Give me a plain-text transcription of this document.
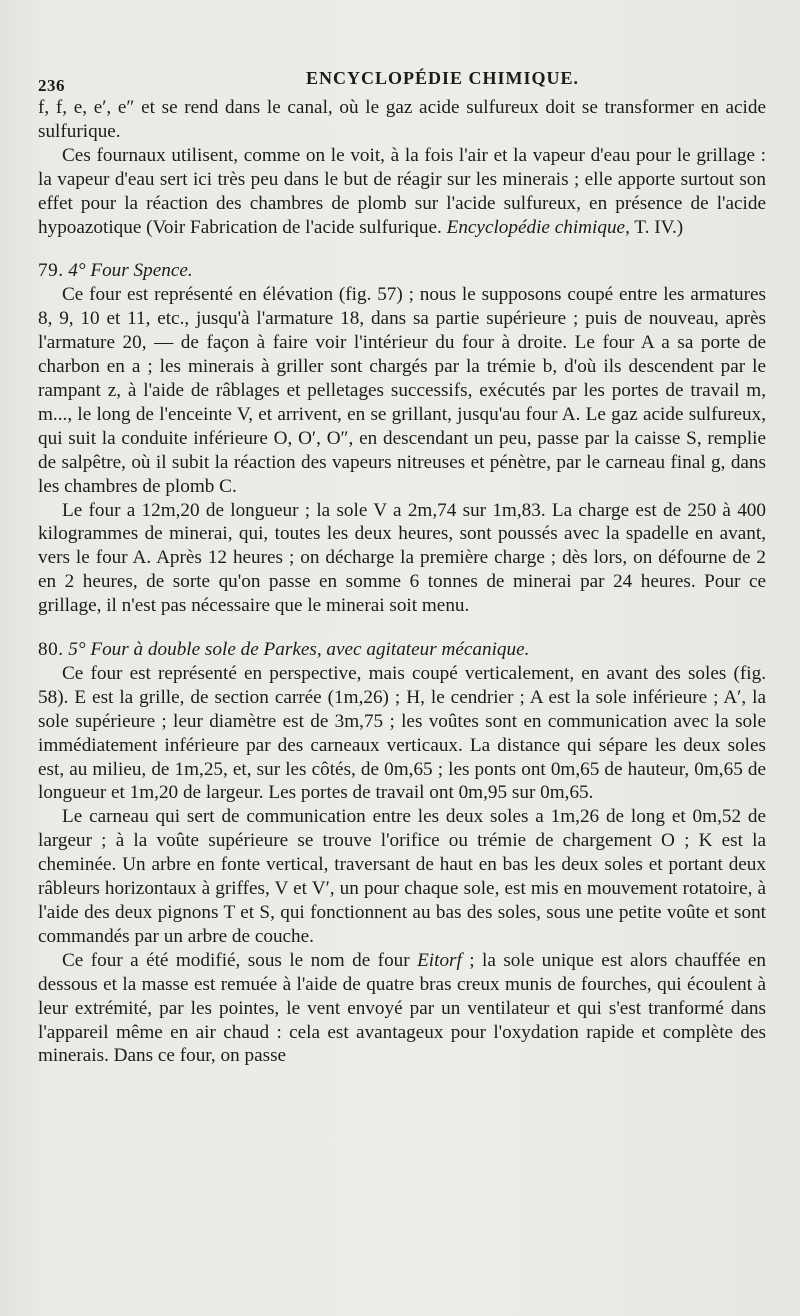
236	ENCYCLOPÉDIE CHIMIQUE.

f, f, e, e′, e″ et se rend dans le canal, où le gaz acide sulfureux doit se transformer en acide sulfurique.

Ces fournaux utilisent, comme on le voit, à la fois l'air et la vapeur d'eau pour le grillage : la vapeur d'eau sert ici très peu dans le but de réagir sur les minerais ; elle apporte surtout son effet pour la réaction des chambres de plomb sur l'acide sulfureux, en présence de l'acide hypoazotique (Voir Fabrication de l'acide sulfurique. Encyclopédie chimique, T. IV.)

79. 4° Four Spence.

Ce four est représenté en élévation (fig. 57) ; nous le supposons coupé entre les armatures 8, 9, 10 et 11, etc., jusqu'à l'armature 18, dans sa partie supérieure ; puis de nouveau, après l'armature 20, — de façon à faire voir l'intérieur du four à droite. Le four A a sa porte de charbon en a ; les minerais à griller sont chargés par la trémie b, d'où ils descendent par le rampant z, à l'aide de râblages et pelletages successifs, exécutés par les portes de travail m, m..., le long de l'enceinte V, et arrivent, en se grillant, jusqu'au four A. Le gaz acide sulfureux, qui suit la conduite inférieure O, O′, O″, en descendant un peu, passe par la caisse S, remplie de salpêtre, où il subit la réaction des vapeurs nitreuses et pénètre, par le carneau final g, dans les chambres de plomb C.

Le four a 12m,20 de longueur ; la sole V a 2m,74 sur 1m,83. La charge est de 250 à 400 kilogrammes de minerai, qui, toutes les deux heures, sont poussés avec la spadelle en avant, vers le four A. Après 12 heures ; on décharge la première charge ; dès lors, on défourne de 2 en 2 heures, de sorte qu'on passe en somme 6 tonnes de minerai par 24 heures. Pour ce grillage, il n'est pas nécessaire que le minerai soit menu.

80. 5° Four à double sole de Parkes, avec agitateur mécanique.

Ce four est représenté en perspective, mais coupé verticalement, en avant des soles (fig. 58). E est la grille, de section carrée (1m,26) ; H, le cendrier ; A est la sole inférieure ; A′, la sole supérieure ; leur diamètre est de 3m,75 ; les voûtes sont en communication avec la sole immédiatement inférieure par des carneaux verticaux. La distance qui sépare les deux soles est, au milieu, de 1m,25, et, sur les côtés, de 0m,65 ; les ponts ont 0m,65 de hauteur, 0m,65 de longueur et 1m,20 de largeur. Les portes de travail ont 0m,95 sur 0m,65.

Le carneau qui sert de communication entre les deux soles a 1m,26 de long et 0m,52 de largeur ; à la voûte supérieure se trouve l'orifice ou trémie de chargement O ; K est la cheminée. Un arbre en fonte vertical, traversant de haut en bas les deux soles et portant deux râbleurs horizontaux à griffes, V et V′, un pour chaque sole, est mis en mouvement rotatoire, à l'aide des deux pignons T et S, qui fonctionnent au bas des soles, sous une petite voûte et sont commandés par un arbre de couche.

Ce four a été modifié, sous le nom de four Eitorf ; la sole unique est alors chauffée en dessous et la masse est remuée à l'aide de quatre bras creux munis de fourches, qui écoulent à leur extrémité, par les pointes, le vent envoyé par un ventilateur et qui s'est tranformé dans l'appareil même en air chaud : cela est avantageux pour l'oxydation rapide et complète des minerais. Dans ce four, on passe
